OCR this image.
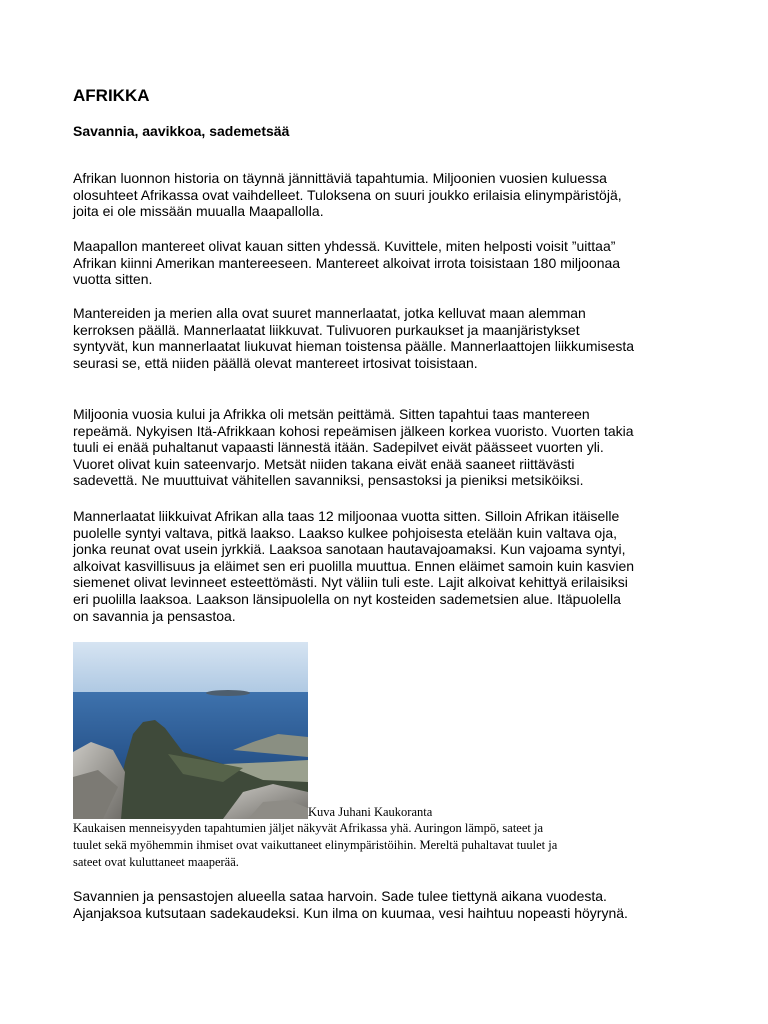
AFRIKKA
Savannia, aavikkoa, sademetsää

Afrikan luonnon historia on täynnä jännittäviä tapahtumia. Miljoonien vuosien kuluessa
olosuhteet Afrikassa ovat vaihdelleet. Tuloksena on suuri joukko erilaisia elinympäristöjä,
joita ei ole missään muualla Maapallolla.

Maapallon mantereet olivat kauan sitten yhdessä. Kuvittele, miten helposti voisit ”uittaa”
Afrikan kiinni Amerikan mantereeseen. Mantereet alkoivat irrota toisistaan 180 miljoonaa
vuotta sitten.

Mantereiden ja merien alla ovat suuret mannerlaatat, jotka kelluvat maan alemman
kerroksen päällä. Mannerlaatat liikkuvat. Tulivuoren purkaukset ja maanjäristykset
syntyvät, kun mannerlaatat liukuvat hieman toistensa päälle. Mannerlaattojen liikkumisesta
seurasi se, että niiden päällä olevat mantereet irtosivat toisistaan.

Miljoonia vuosia kului ja Afrikka oli metsän peittämä. Sitten tapahtui taas mantereen
repeämä. Nykyisen Itä-Afrikkaan kohosi repeämisen jälkeen korkea vuoristo. Vuorten takia
tuuli ei enää puhaltanut vapaasti lännestä itään. Sadepilvet eivät päässeet vuorten yli.
Vuoret olivat kuin sateenvarjo. Metsät niiden takana eivät enää saaneet riittävästi
sadevettä. Ne muuttuivat vähitellen savanniksi, pensastoksi ja pieniksi metsiköiksi.

Mannerlaatat liikkuivat Afrikan alla taas 12 miljoonaa vuotta sitten. Silloin Afrikan itäiselle
puolelle syntyi valtava, pitkä laakso. Laakso kulkee pohjoisesta etelään kuin valtava oja,
jonka reunat ovat usein jyrkkiä. Laaksoa sanotaan hautavajoamaksi. Kun vajoama syntyi,
alkoivat kasvillisuus ja eläimet sen eri puolilla muuttua. Ennen eläimet samoin kuin kasvien
siemenet olivat levinneet esteettömästi. Nyt väliin tuli este. Lajit alkoivat kehittyä erilaisiksi
eri puolilla laaksoa. Laakson länsipuolella on nyt kosteiden sademetsien alue. Itäpuolella
on savannia ja pensastoa.

Kuva Juhani Kaukoranta

Kaukaisen menneisyyden tapahtumien jäljet näkyvät Afrikassa yhä. Auringon lämpö, sateet ja
tuulet sekä myöhemmin ihmiset ovat vaikuttaneet elinympäristöihin. Mereltä puhaltavat tuulet ja
sateet ovat kuluttaneet maaperää.

Savannien ja pensastojen alueella sataa harvoin. Sade tulee tiettynä aikana vuodesta.
Ajanjaksoa kutsutaan sadekaudeksi. Kun ilma on kuumaa, vesi haihtuu nopeasti höyrynä.
